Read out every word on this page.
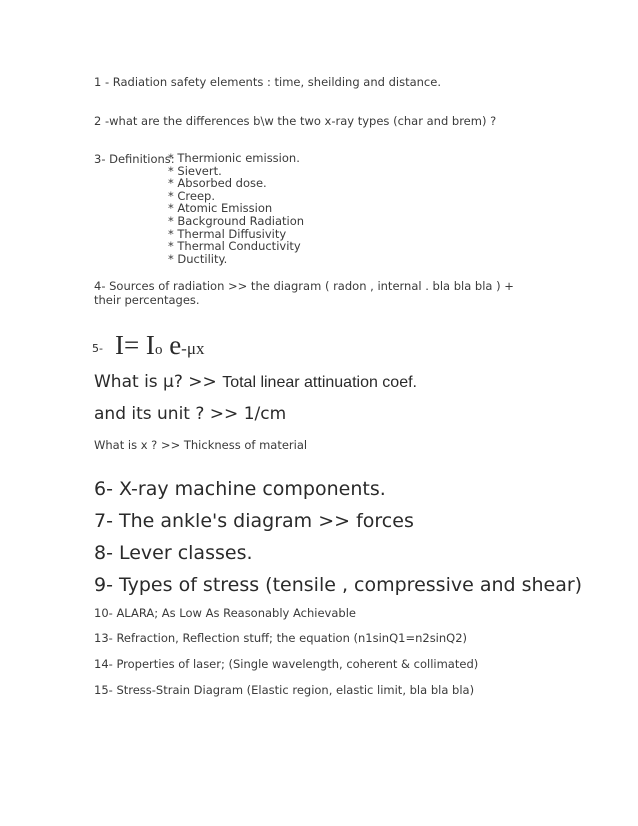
1 - Radiation safety elements : time, sheilding and distance.
2 -what are the differences b\w the two x-ray types (char and brem) ?
3- Definitions:
* Thermionic emission.
* Sievert.
* Absorbed dose.
* Creep.
* Atomic Emission
* Background Radiation
* Thermal Diffusivity
* Thermal Conductivity
* Ductility.
4- Sources of radiation >> the diagram ( radon , internal . bla bla bla ) + their percentages.
5- I= Io e-μx
What is μ? >> Total linear attinuation coef.
and its unit ? >> 1/cm
What is x ? >> Thickness of material
6- X-ray machine components.
7- The ankle's diagram >> forces
8- Lever classes.
9- Types of stress (tensile , compressive and shear)
10- ALARA; As Low As Reasonably Achievable
13- Refraction, Reflection stuff; the equation (n1sinQ1=n2sinQ2)
14- Properties of laser; (Single wavelength, coherent & collimated)
15- Stress-Strain Diagram (Elastic region, elastic limit, bla bla bla)
